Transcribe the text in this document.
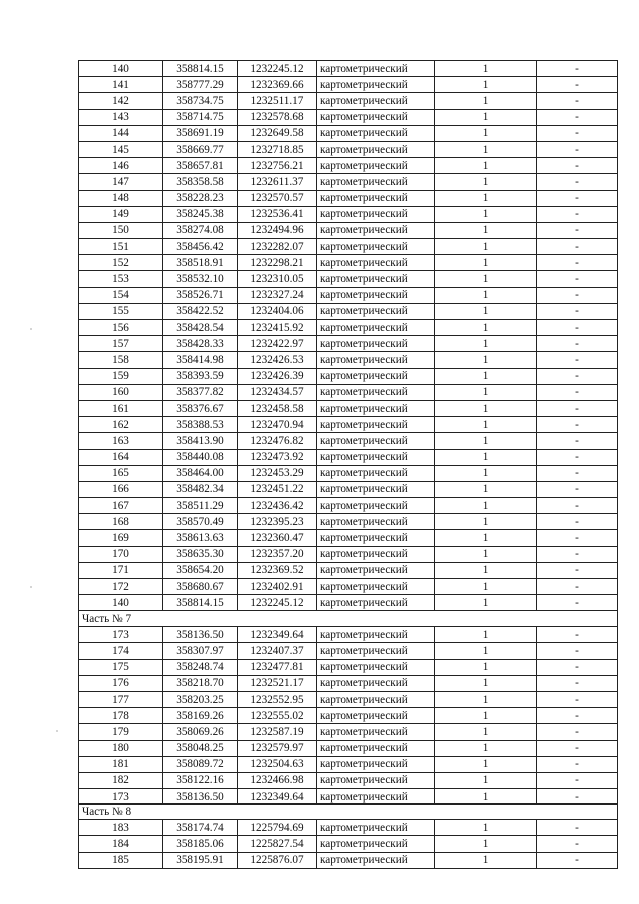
140	358814.15	1232245.12	картометрический	1	-
141	358777.29	1232369.66	картометрический	1	-
142	358734.75	1232511.17	картометрический	1	-
143	358714.75	1232578.68	картометрический	1	-
144	358691.19	1232649.58	картометрический	1	-
145	358669.77	1232718.85	картометрический	1	-
146	358657.81	1232756.21	картометрический	1	-
147	358358.58	1232611.37	картометрический	1	-
148	358228.23	1232570.57	картометрический	1	-
149	358245.38	1232536.41	картометрический	1	-
150	358274.08	1232494.96	картометрический	1	-
151	358456.42	1232282.07	картометрический	1	-
152	358518.91	1232298.21	картометрический	1	-
153	358532.10	1232310.05	картометрический	1	-
154	358526.71	1232327.24	картометрический	1	-
155	358422.52	1232404.06	картометрический	1	-
156	358428.54	1232415.92	картометрический	1	-
157	358428.33	1232422.97	картометрический	1	-
158	358414.98	1232426.53	картометрический	1	-
159	358393.59	1232426.39	картометрический	1	-
160	358377.82	1232434.57	картометрический	1	-
161	358376.67	1232458.58	картометрический	1	-
162	358388.53	1232470.94	картометрический	1	-
163	358413.90	1232476.82	картометрический	1	-
164	358440.08	1232473.92	картометрический	1	-
165	358464.00	1232453.29	картометрический	1	-
166	358482.34	1232451.22	картометрический	1	-
167	358511.29	1232436.42	картометрический	1	-
168	358570.49	1232395.23	картометрический	1	-
169	358613.63	1232360.47	картометрический	1	-
170	358635.30	1232357.20	картометрический	1	-
171	358654.20	1232369.52	картометрический	1	-
172	358680.67	1232402.91	картометрический	1	-
140	358814.15	1232245.12	картометрический	1	-
Часть № 7					
173	358136.50	1232349.64	картометрический	1	-
174	358307.97	1232407.37	картометрический	1	-
175	358248.74	1232477.81	картометрический	1	-
176	358218.70	1232521.17	картометрический	1	-
177	358203.25	1232552.95	картометрический	1	-
178	358169.26	1232555.02	картометрический	1	-
179	358069.26	1232587.19	картометрический	1	-
180	358048.25	1232579.97	картометрический	1	-
181	358089.72	1232504.63	картометрический	1	-
182	358122.16	1232466.98	картометрический	1	-
173	358136.50	1232349.64	картометрический	1	-
Часть № 8					
183	358174.74	1225794.69	картометрический	1	-
184	358185.06	1225827.54	картометрический	1	-
185	358195.91	1225876.07	картометрический	1	-
